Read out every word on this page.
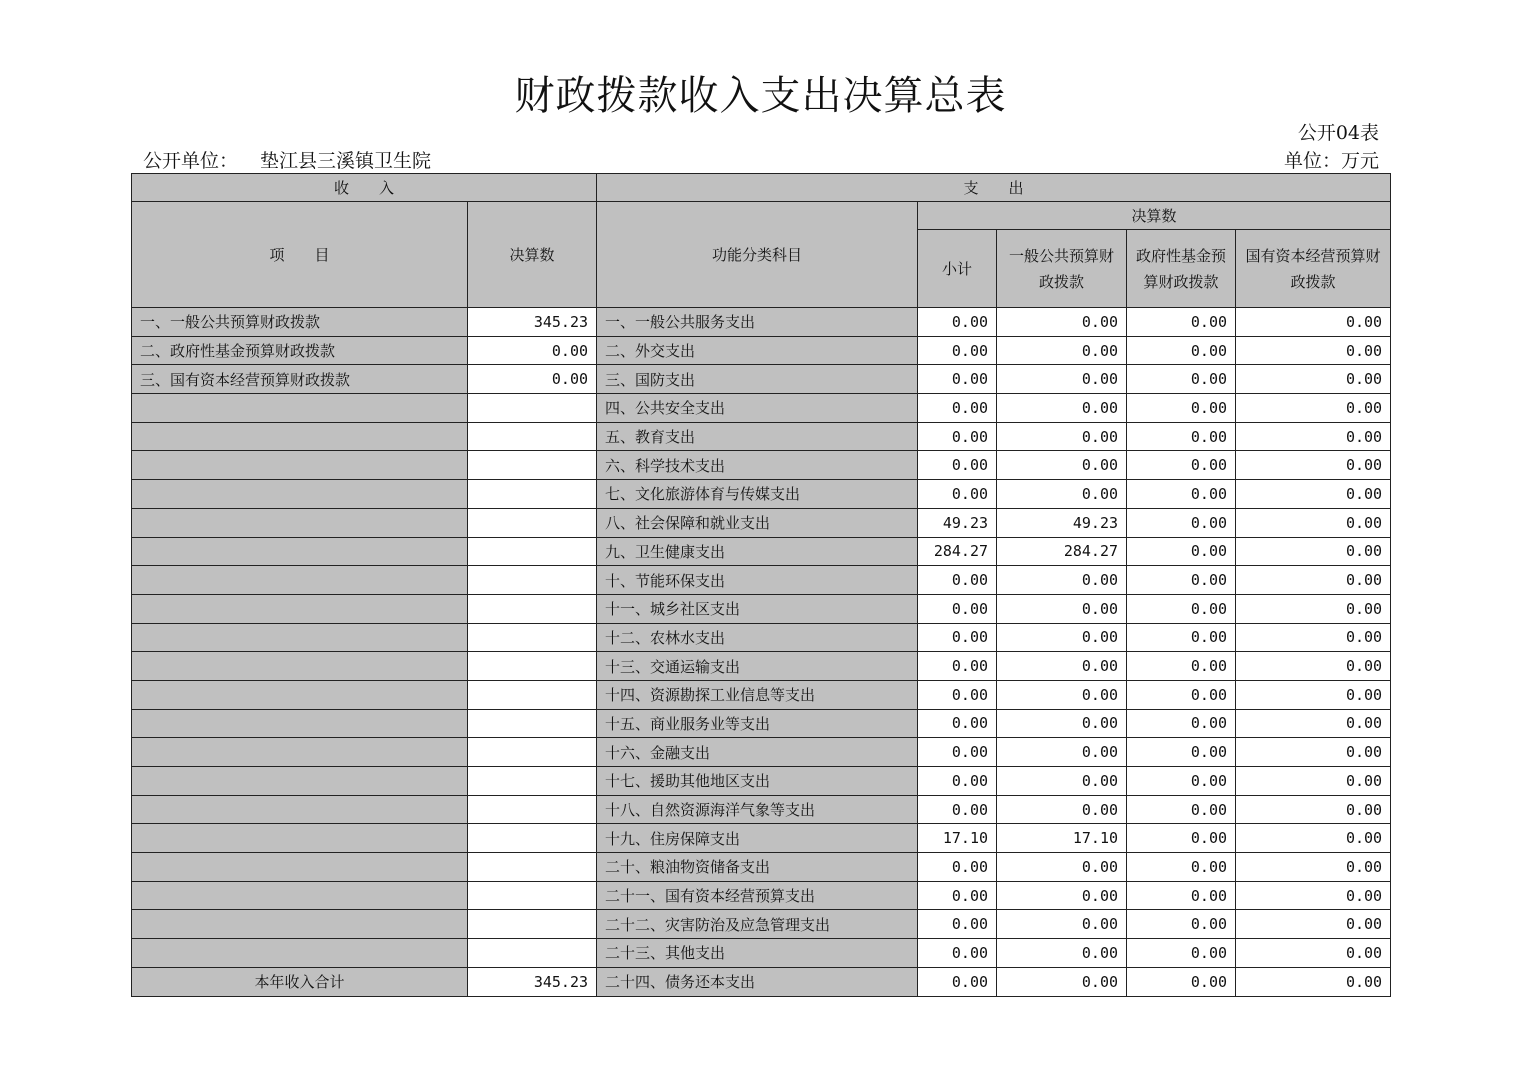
财政拨款收入支出决算总表
公开04表
公开单位： 垫江县三溪镇卫生院	单位：万元
收　　入		支　　出				
项　　目	决算数	功能分类科目	决算数			
			小计	一般公共预算财政拨款	政府性基金预算财政拨款	国有资本经营预算财政拨款
一、一般公共预算财政拨款	345.23	一、一般公共服务支出	0.00	0.00	0.00	0.00
二、政府性基金预算财政拨款	0.00	二、外交支出	0.00	0.00	0.00	0.00
三、国有资本经营预算财政拨款	0.00	三、国防支出	0.00	0.00	0.00	0.00
		四、公共安全支出	0.00	0.00	0.00	0.00
		五、教育支出	0.00	0.00	0.00	0.00
		六、科学技术支出	0.00	0.00	0.00	0.00
		七、文化旅游体育与传媒支出	0.00	0.00	0.00	0.00
		八、社会保障和就业支出	49.23	49.23	0.00	0.00
		九、卫生健康支出	284.27	284.27	0.00	0.00
		十、节能环保支出	0.00	0.00	0.00	0.00
		十一、城乡社区支出	0.00	0.00	0.00	0.00
		十二、农林水支出	0.00	0.00	0.00	0.00
		十三、交通运输支出	0.00	0.00	0.00	0.00
		十四、资源勘探工业信息等支出	0.00	0.00	0.00	0.00
		十五、商业服务业等支出	0.00	0.00	0.00	0.00
		十六、金融支出	0.00	0.00	0.00	0.00
		十七、援助其他地区支出	0.00	0.00	0.00	0.00
		十八、自然资源海洋气象等支出	0.00	0.00	0.00	0.00
		十九、住房保障支出	17.10	17.10	0.00	0.00
		二十、粮油物资储备支出	0.00	0.00	0.00	0.00
		二十一、国有资本经营预算支出	0.00	0.00	0.00	0.00
		二十二、灾害防治及应急管理支出	0.00	0.00	0.00	0.00
		二十三、其他支出	0.00	0.00	0.00	0.00
本年收入合计	345.23	二十四、债务还本支出	0.00	0.00	0.00	0.00
